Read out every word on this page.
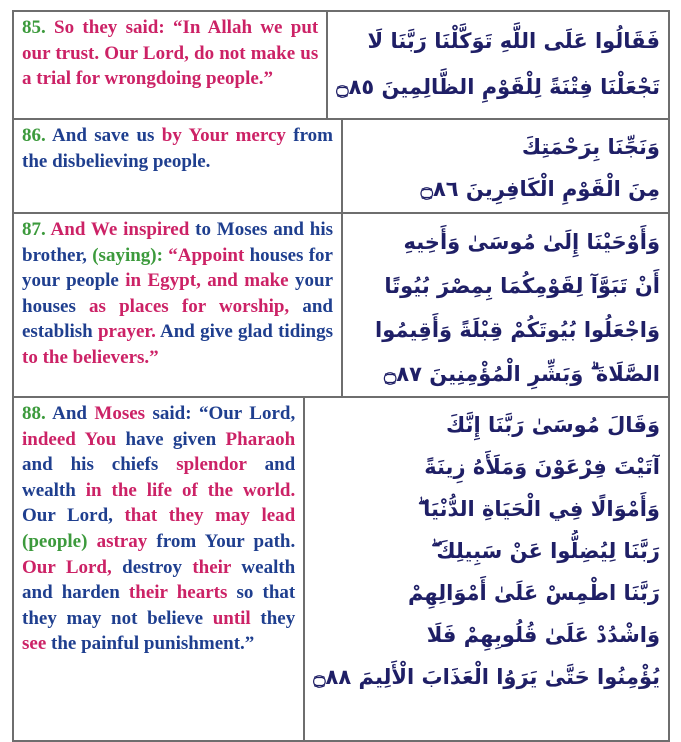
85. So they said: “In Allah we put our trust. Our Lord, do not make us a trial for wrongdoing people.”

فَقَالُوا عَلَى اللَّهِ تَوَكَّلْنَا رَبَّنَا لَا

تَجْعَلْنَا فِتْنَةً لِلْقَوْمِ الظَّالِمِينَ ۝٨٥

86. And save us by Your mercy from the disbelieving people.

وَنَجِّنَا بِرَحْمَتِكَ

مِنَ الْقَوْمِ الْكَافِرِينَ ۝٨٦

87. And We inspired to Moses and his brother, (saying): “Appoint houses for your people in Egypt, and make your houses as places for worship, and establish prayer. And give glad tidings to the believers.”

وَأَوْحَيْنَا إِلَىٰ مُوسَىٰ وَأَخِيهِ

أَنْ تَبَوَّآ لِقَوْمِكُمَا بِمِصْرَ بُيُوتًا

وَاجْعَلُوا بُيُوتَكُمْ قِبْلَةً وَأَقِيمُوا

الصَّلَاةَ ۗ وَبَشِّرِ الْمُؤْمِنِينَ ۝٨٧

88. And Moses said: “Our Lord, indeed You have given Pharaoh and his chiefs splendor and wealth in the life of the world. Our Lord, that they may lead (people) astray from Your path. Our Lord, destroy their wealth and harden their hearts so that they may not believe until they see the painful punishment.”

وَقَالَ مُوسَىٰ رَبَّنَا إِنَّكَ

آتَيْتَ فِرْعَوْنَ وَمَلَأَهُ زِينَةً

وَأَمْوَالًا فِي الْحَيَاةِ الدُّنْيَا ۖ

رَبَّنَا لِيُضِلُّوا عَنْ سَبِيلِكَ ۖ

رَبَّنَا اطْمِسْ عَلَىٰ أَمْوَالِهِمْ

وَاشْدُدْ عَلَىٰ قُلُوبِهِمْ فَلَا

يُؤْمِنُوا حَتَّىٰ يَرَوُا الْعَذَابَ الْأَلِيمَ ۝٨٨
